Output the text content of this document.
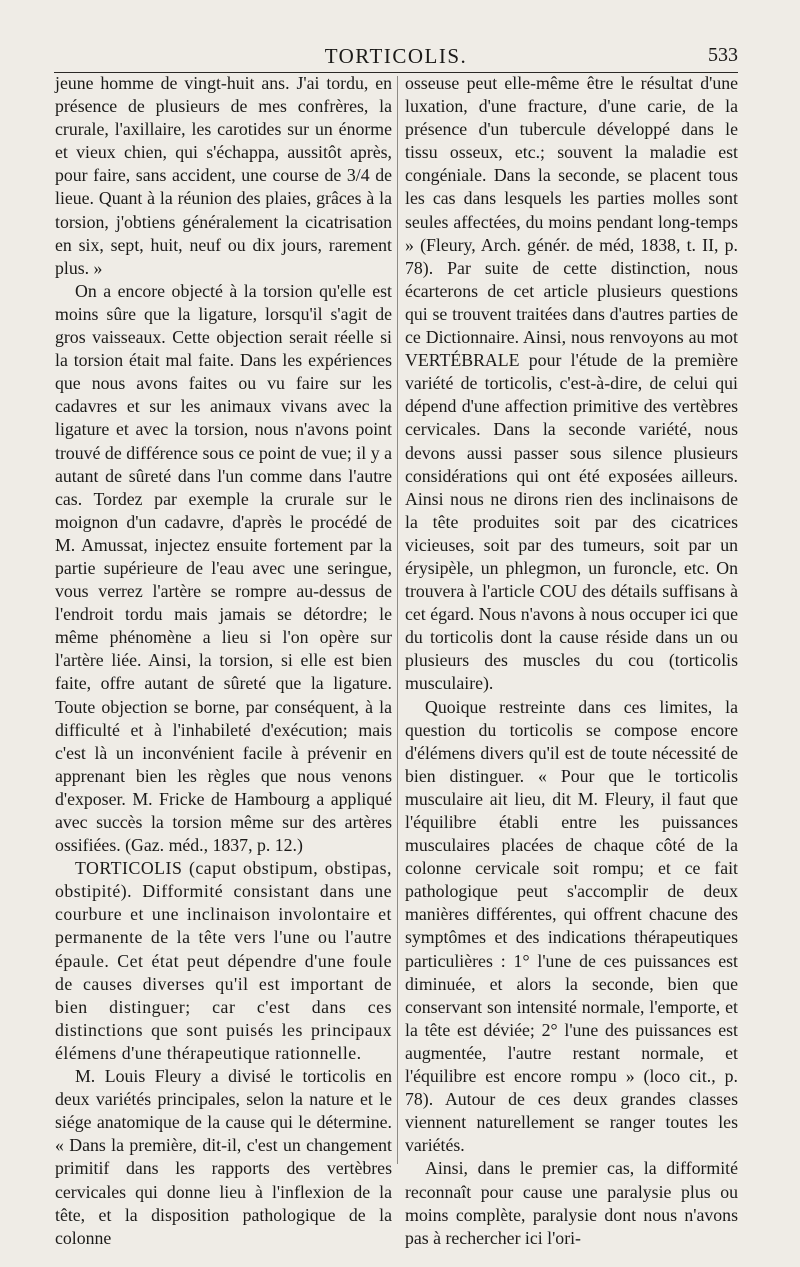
TORTICOLIS.	533

jeune homme de vingt-huit ans. J'ai tordu, en présence de plusieurs de mes confrères, la crurale, l'axillaire, les carotides sur un énorme et vieux chien, qui s'échappa, aussitôt après, pour faire, sans accident, une course de 3/4 de lieue. Quant à la réunion des plaies, grâces à la torsion, j'obtiens généralement la cicatrisation en six, sept, huit, neuf ou dix jours, rarement plus. »

On a encore objecté à la torsion qu'elle est moins sûre que la ligature, lorsqu'il s'agit de gros vaisseaux. Cette objection serait réelle si la torsion était mal faite. Dans les expériences que nous avons faites ou vu faire sur les cadavres et sur les animaux vivans avec la ligature et avec la torsion, nous n'avons point trouvé de différence sous ce point de vue; il y a autant de sûreté dans l'un comme dans l'autre cas. Tordez par exemple la crurale sur le moignon d'un cadavre, d'après le procédé de M. Amussat, injectez ensuite fortement par la partie supérieure de l'eau avec une seringue, vous verrez l'artère se rompre au-dessus de l'endroit tordu mais jamais se détordre; le même phénomène a lieu si l'on opère sur l'artère liée. Ainsi, la torsion, si elle est bien faite, offre autant de sûreté que la ligature. Toute objection se borne, par conséquent, à la difficulté et à l'inhabileté d'exécution; mais c'est là un inconvénient facile à prévenir en apprenant bien les règles que nous venons d'exposer. M. Fricke de Hambourg a appliqué avec succès la torsion même sur des artères ossifiées. (Gaz. méd., 1837, p. 12.)

TORTICOLIS (caput obstipum, obstipas, obstipité). Difformité consistant dans une courbure et une inclinaison involontaire et permanente de la tête vers l'une ou l'autre épaule. Cet état peut dépendre d'une foule de causes diverses qu'il est important de bien distinguer; car c'est dans ces distinctions que sont puisés les principaux élémens d'une thérapeutique rationnelle.

M. Louis Fleury a divisé le torticolis en deux variétés principales, selon la nature et le siége anatomique de la cause qui le détermine. « Dans la première, dit-il, c'est un changement primitif dans les rapports des vertèbres cervicales qui donne lieu à l'inflexion de la tête, et la disposition pathologique de la colonne

osseuse peut elle-même être le résultat d'une luxation, d'une fracture, d'une carie, de la présence d'un tubercule développé dans le tissu osseux, etc.; souvent la maladie est congéniale. Dans la seconde, se placent tous les cas dans lesquels les parties molles sont seules affectées, du moins pendant long-temps » (Fleury, Arch. génér. de méd, 1838, t. II, p. 78). Par suite de cette distinction, nous écarterons de cet article plusieurs questions qui se trouvent traitées dans d'autres parties de ce Dictionnaire. Ainsi, nous renvoyons au mot VERTÉBRALE pour l'étude de la première variété de torticolis, c'est-à-dire, de celui qui dépend d'une affection primitive des vertèbres cervicales. Dans la seconde variété, nous devons aussi passer sous silence plusieurs considérations qui ont été exposées ailleurs. Ainsi nous ne dirons rien des inclinaisons de la tête produites soit par des cicatrices vicieuses, soit par des tumeurs, soit par un érysipèle, un phlegmon, un furoncle, etc. On trouvera à l'article COU des détails suffisans à cet égard. Nous n'avons à nous occuper ici que du torticolis dont la cause réside dans un ou plusieurs des muscles du cou (torticolis musculaire).

Quoique restreinte dans ces limites, la question du torticolis se compose encore d'élémens divers qu'il est de toute nécessité de bien distinguer. « Pour que le torticolis musculaire ait lieu, dit M. Fleury, il faut que l'équilibre établi entre les puissances musculaires placées de chaque côté de la colonne cervicale soit rompu; et ce fait pathologique peut s'accomplir de deux manières différentes, qui offrent chacune des symptômes et des indications thérapeutiques particulières : 1° l'une de ces puissances est diminuée, et alors la seconde, bien que conservant son intensité normale, l'emporte, et la tête est déviée; 2° l'une des puissances est augmentée, l'autre restant normale, et l'équilibre est encore rompu » (loco cit., p. 78). Autour de ces deux grandes classes viennent naturellement se ranger toutes les variétés.

Ainsi, dans le premier cas, la difformité reconnaît pour cause une paralysie plus ou moins complète, paralysie dont nous n'avons pas à rechercher ici l'ori-
